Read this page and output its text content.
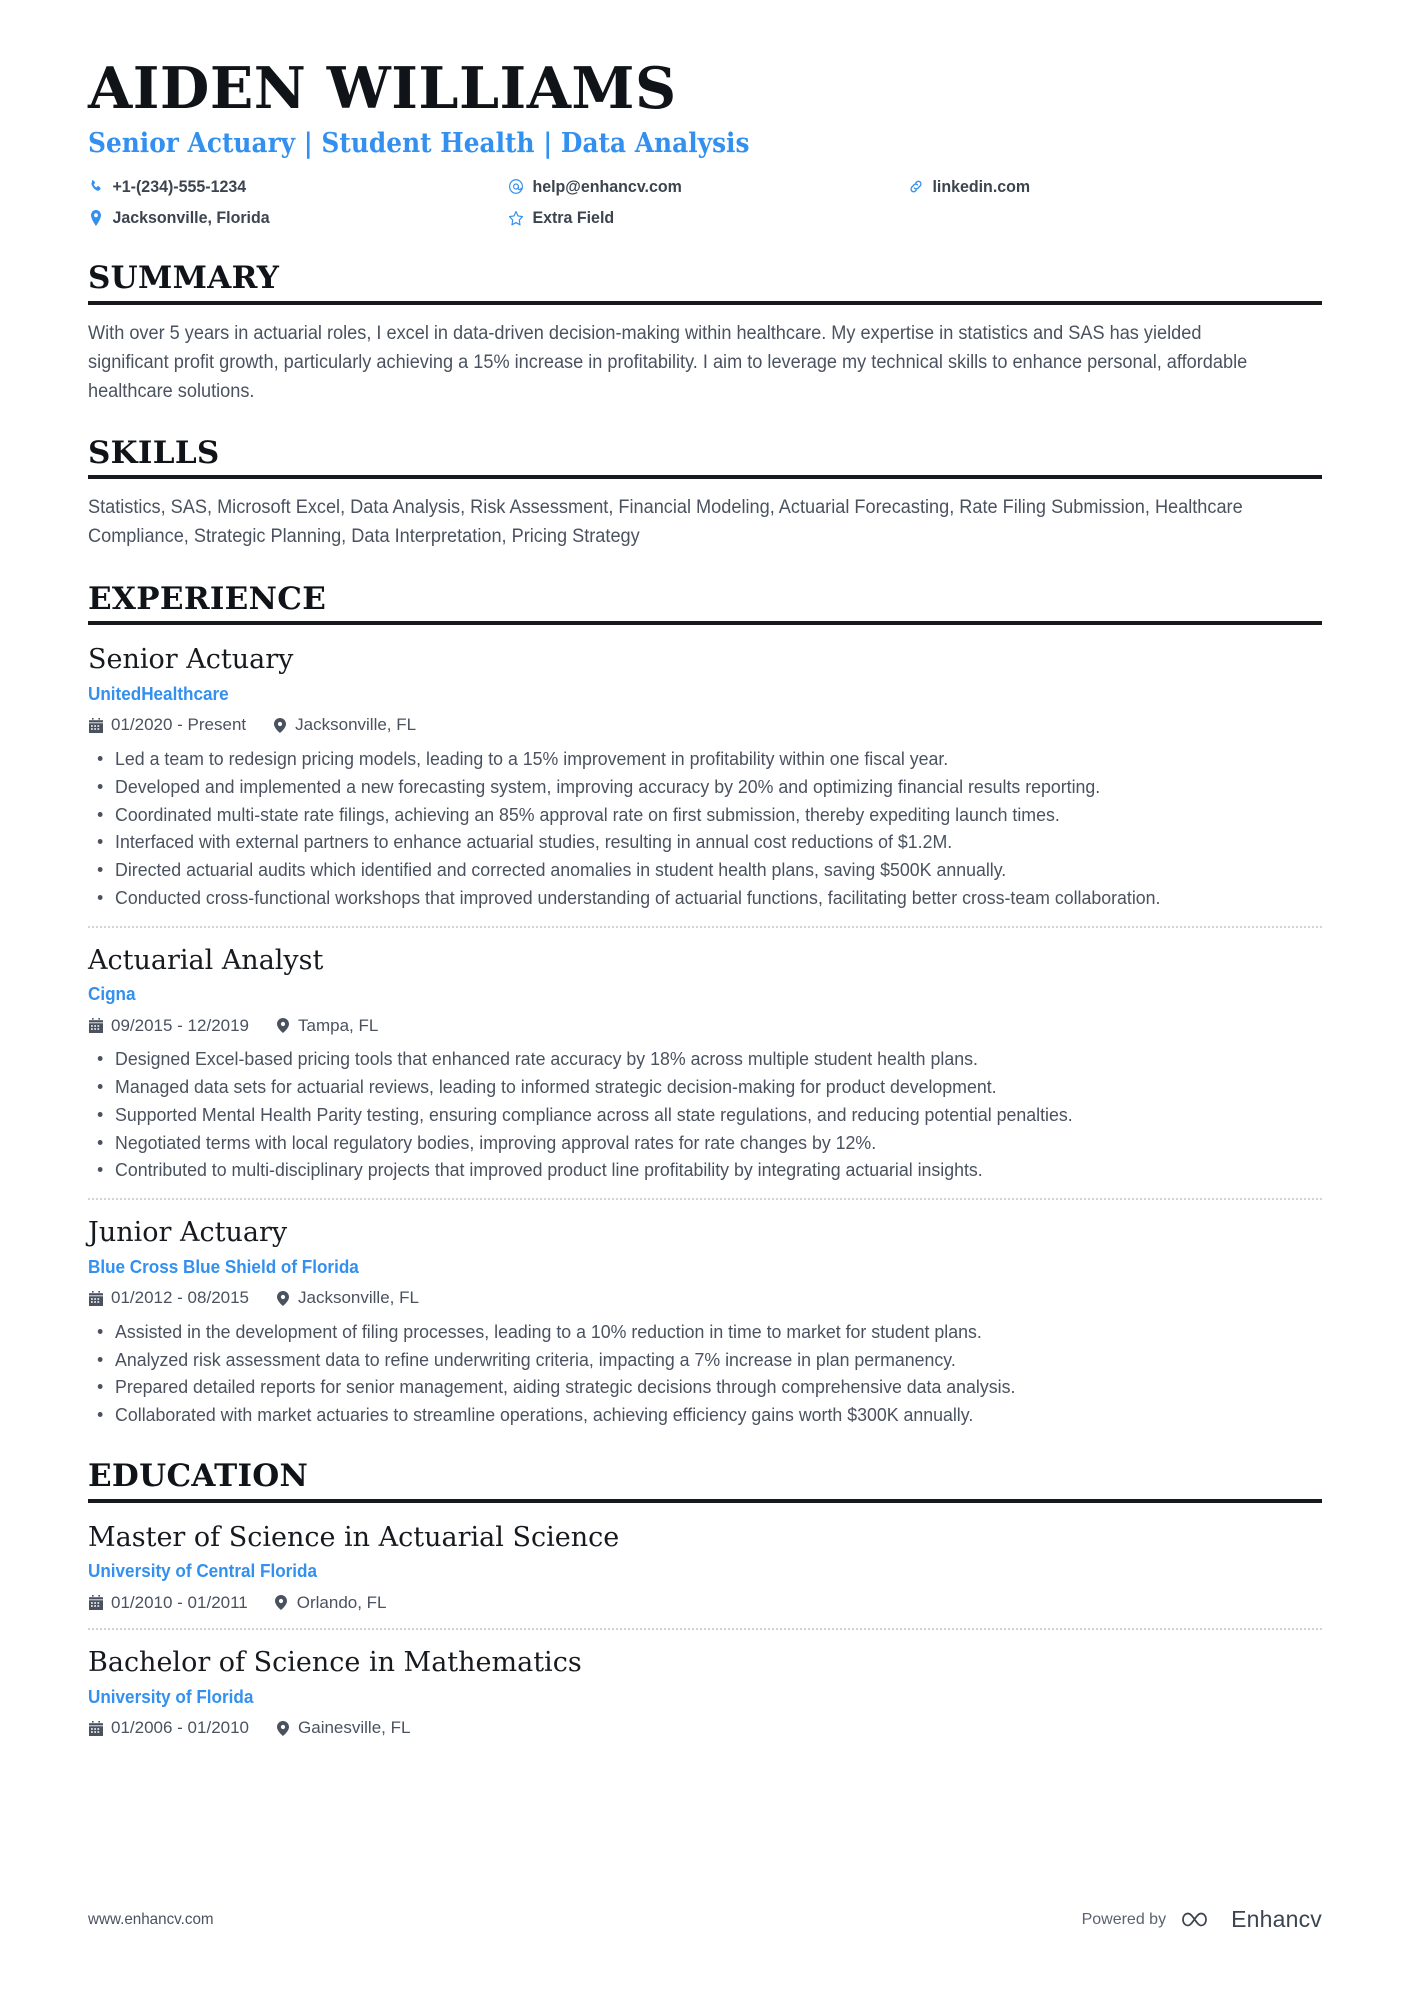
AIDEN WILLIAMS
Senior Actuary | Student Health | Data Analysis
+1-(234)-555-1234	help@enhancv.com	linkedin.com
Jacksonville, Florida	Extra Field
SUMMARY

With over 5 years in actuarial roles, I excel in data-driven decision-making within healthcare. My expertise in statistics and SAS has yielded significant profit growth, particularly achieving a 15% increase in profitability. I aim to leverage my technical skills to enhance personal, affordable healthcare solutions.

SKILLS

Statistics, SAS, Microsoft Excel, Data Analysis, Risk Assessment, Financial Modeling, Actuarial Forecasting, Rate Filing Submission, Healthcare Compliance, Strategic Planning, Data Interpretation, Pricing Strategy

EXPERIENCE
Senior Actuary
UnitedHealthcare
01/2020 - Present	Jacksonville, FL
Led a team to redesign pricing models, leading to a 15% improvement in profitability within one fiscal year.
Developed and implemented a new forecasting system, improving accuracy by 20% and optimizing financial results reporting.
Coordinated multi-state rate filings, achieving an 85% approval rate on first submission, thereby expediting launch times.
Interfaced with external partners to enhance actuarial studies, resulting in annual cost reductions of $1.2M.
Directed actuarial audits which identified and corrected anomalies in student health plans, saving $500K annually.
Conducted cross-functional workshops that improved understanding of actuarial functions, facilitating better cross-team collaboration.
Actuarial Analyst
Cigna
09/2015 - 12/2019	Tampa, FL
Designed Excel-based pricing tools that enhanced rate accuracy by 18% across multiple student health plans.
Managed data sets for actuarial reviews, leading to informed strategic decision-making for product development.
Supported Mental Health Parity testing, ensuring compliance across all state regulations, and reducing potential penalties.
Negotiated terms with local regulatory bodies, improving approval rates for rate changes by 12%.
Contributed to multi-disciplinary projects that improved product line profitability by integrating actuarial insights.
Junior Actuary
Blue Cross Blue Shield of Florida
01/2012 - 08/2015	Jacksonville, FL
Assisted in the development of filing processes, leading to a 10% reduction in time to market for student plans.
Analyzed risk assessment data to refine underwriting criteria, impacting a 7% increase in plan permanency.
Prepared detailed reports for senior management, aiding strategic decisions through comprehensive data analysis.
Collaborated with market actuaries to streamline operations, achieving efficiency gains worth $300K annually.
EDUCATION
Master of Science in Actuarial Science
University of Central Florida
01/2010 - 01/2011	Orlando, FL
Bachelor of Science in Mathematics
University of Florida
01/2006 - 01/2010	Gainesville, FL
www.enhancv.com	Powered by	Enhancv
